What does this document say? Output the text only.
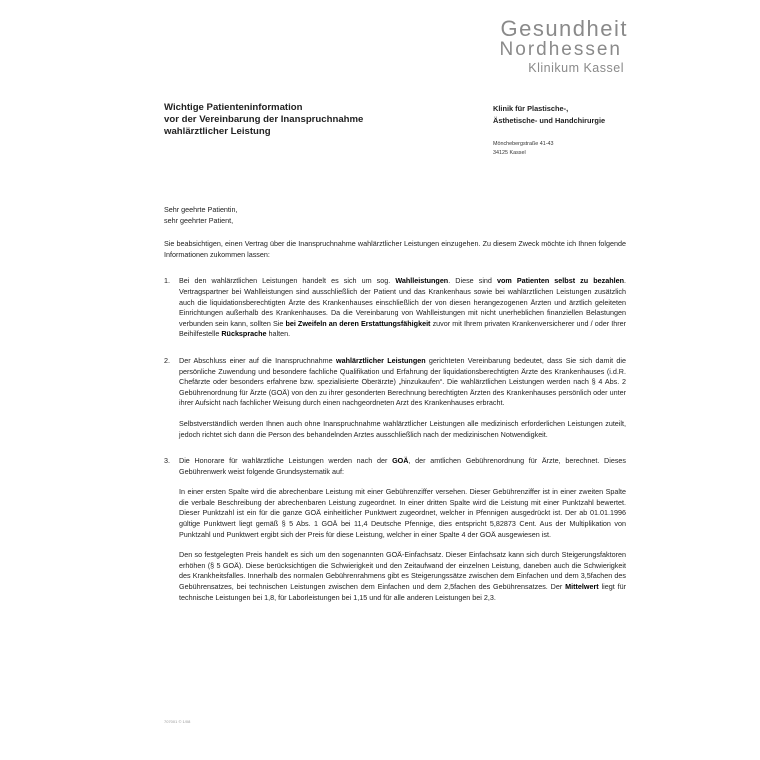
Gesundheit
Nordhessen
Klinikum Kassel
Wichtige Patienteninformation
vor der Vereinbarung der Inanspruchnahme
wahlärztlicher Leistung
Klinik für Plastische-,
Ästhetische- und Handchirurgie
Mönchebergstraße 41-43
34125 Kassel
Sehr geehrte Patientin,
sehr geehrter Patient,

Sie beabsichtigen, einen Vertrag über die Inanspruchnahme wahlärztlicher Leistungen einzugehen. Zu diesem Zweck möchte ich Ihnen folgende Informationen zukommen lassen:

1.	Bei den wahlärztlichen Leistungen handelt es sich um sog. Wahlleistungen. Diese sind vom Patienten selbst zu bezahlen. Vertragspartner bei Wahlleistungen sind ausschließlich der Patient und das Krankenhaus sowie bei wahlärztlichen Leistungen zusätzlich auch die liquidationsberechtigten Ärzte des Krankenhauses einschließlich der von diesen herangezogenen Ärzten und ärztlich geleiteten Einrichtungen außerhalb des Krankenhauses. Da die Vereinbarung von Wahlleistungen mit nicht unerheblichen finanziellen Belastungen verbunden sein kann, sollten Sie bei Zweifeln an deren Erstattungsfähigkeit zuvor mit Ihrem privaten Krankenversicherer und / oder Ihrer Beihilfestelle Rücksprache halten.

2.	Der Abschluss einer auf die Inanspruchnahme wahlärztlicher Leistungen gerichteten Vereinbarung bedeutet, dass Sie sich damit die persönliche Zuwendung und besondere fachliche Qualifikation und Erfahrung der liquidationsberechtigten Ärzte des Krankenhauses (i.d.R. Chefärzte oder besonders erfahrene bzw. spezialisierte Oberärzte) „hinzukaufen“. Die wahlärztlichen Leistungen werden nach § 4 Abs. 2 Gebührenordnung für Ärzte (GOÄ) von den zu ihrer gesonderten Berechnung berechtigten Ärzten des Krankenhauses persönlich oder unter ihrer Aufsicht nach fachlicher Weisung durch einen nachgeordneten Arzt des Krankenhauses erbracht.

Selbstverständlich werden Ihnen auch ohne Inanspruchnahme wahlärztlicher Leistungen alle medizinisch erforderlichen Leistungen zuteilt, jedoch richtet sich dann die Person des behandelnden Arztes ausschließlich nach der medizinischen Notwendigkeit.

3.	Die Honorare für wahlärztliche Leistungen werden nach der GOÄ, der amtlichen Gebührenordnung für Ärzte, berechnet. Dieses Gebührenwerk weist folgende Grundsystematik auf:

In einer ersten Spalte wird die abrechenbare Leistung mit einer Gebührenziffer versehen. Dieser Gebührenziffer ist in einer zweiten Spalte die verbale Beschreibung der abrechenbaren Leistung zugeordnet. In einer dritten Spalte wird die Leistung mit einer Punktzahl bewertet. Dieser Punktzahl ist ein für die ganze GOÄ einheitlicher Punktwert zugeordnet, welcher in Pfennigen ausgedrückt ist. Der ab 01.01.1996 gültige Punktwert liegt gemäß § 5 Abs. 1 GOÄ bei 11,4 Deutsche Pfennige, dies entspricht 5,82873 Cent. Aus der Multiplikation von Punktzahl und Punktwert ergibt sich der Preis für diese Leistung, welcher in einer Spalte 4 der GOÄ ausgewiesen ist.

Den so festgelegten Preis handelt es sich um den sogenannten GOÄ-Einfachsatz. Dieser Einfachsatz kann sich durch Steigerungsfaktoren erhöhen (§ 5 GOÄ). Diese berücksichtigen die Schwierigkeit und den Zeitaufwand der einzelnen Leistung, daneben auch die Schwierigkeit des Krankheitsfalles. Innerhalb des normalen Gebührenrahmens gibt es Steigerungssätze zwischen dem Einfachen und dem 3,5fachen des Gebührensatzes, bei technischen Leistungen zwischen dem Einfachen und dem 2,5fachen des Gebührensatzes. Der Mittelwert liegt für technische Leistungen bei 1,8, für Laborleistungen bei 1,15 und für alle anderen Leistungen bei 2,3.

707001 © 1/08
